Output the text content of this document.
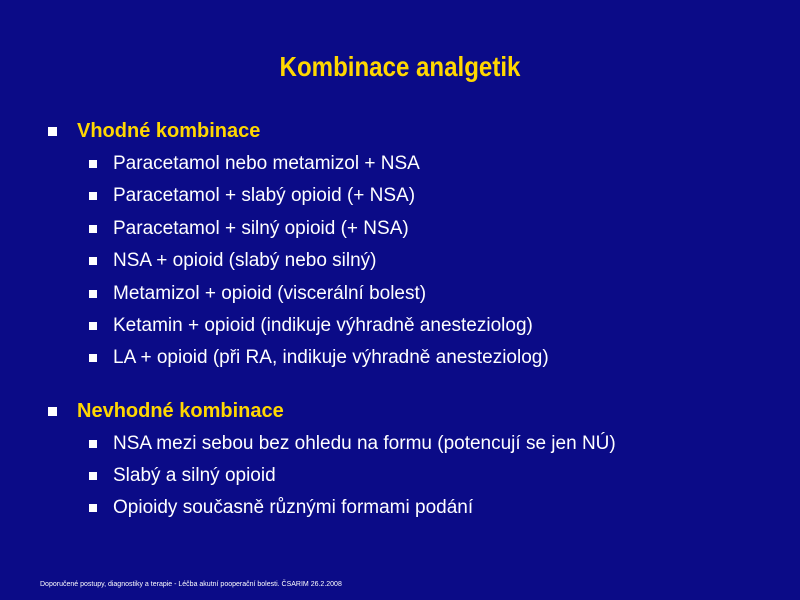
Kombinace analgetik
Vhodné kombinace
Paracetamol nebo metamizol + NSA
Paracetamol + slabý opioid (+ NSA)
Paracetamol + silný opioid (+ NSA)
NSA + opioid (slabý nebo silný)
Metamizol + opioid (viscerální bolest)
Ketamin + opioid (indikuje výhradně anesteziolog)
LA + opioid (při RA, indikuje výhradně anesteziolog)
Nevhodné kombinace
NSA mezi sebou bez ohledu na formu (potencují se jen NÚ)
Slabý a silný opioid
Opioidy současně různými formami podání
Doporučené postupy, diagnostiky a terapie - Léčba akutní pooperační bolesti. ČSARIM 26.2.2008
